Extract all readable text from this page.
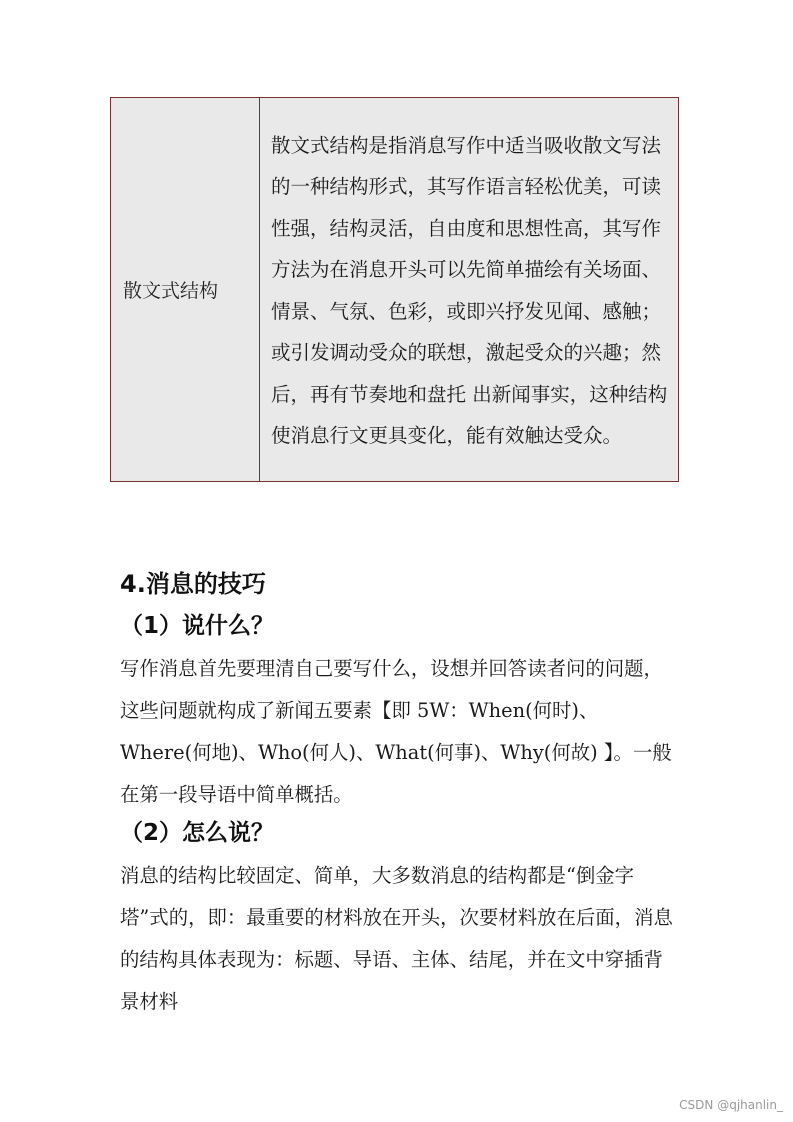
散文式结构	散文式结构是指消息写作中适当吸收散文写法的一种结构形式，其写作语言轻松优美，可读性强，结构灵活，自由度和思想性高，其写作方法为在消息开头可以先简单描绘有关场面、情景、气氛、色彩，或即兴抒发见闻、感触；或引发调动受众的联想，激起受众的兴趣；然后，再有节奏地和盘托 出新闻事实，这种结构使消息行文更具变化，能有效触达受众。
4.消息的技巧
（1）说什么？
写作消息首先要理清自己要写什么，设想并回答读者问的问题，这些问题就构成了新闻五要素【即 5W：When(何时)、Where(何地)、Who(何人)、What(何事)、Why(何故) 】。一般在第一段导语中简单概括。
（2）怎么说？
消息的结构比较固定、简单，大多数消息的结构都是“倒金字塔”式的，即：最重要的材料放在开头，次要材料放在后面，消息的结构具体表现为：标题、导语、主体、结尾，并在文中穿插背景材料
CSDN @qjhanlin_
